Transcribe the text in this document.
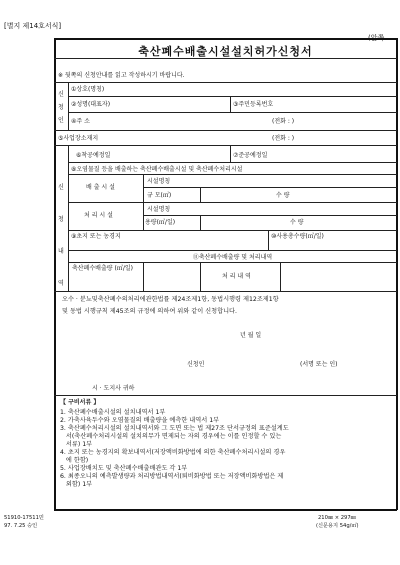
[별지 제14호서식]
(앞쪽
축산폐수배출시설설치허가신청서
※ 뒷쪽의 신청안내를 읽고 작성하시기 바랍니다.
신
청
인
①상호(명칭)
②성명(대표자)	③주민등록번호
④주 소	(전화 : )
⑤사업장소재지	(전화 : )
신
청
내
역
⑥착공예정일	⑦준공예정일
⑧오염물질 등을 배출하는 축산폐수배출시설 및 축산폐수처리시설
배 출 시 설
시설명칭
규 모(㎡)	수 량
처 리 시 설
시설명칭
용량(㎥/일)	수 량
⑨초지 또는 농경지	⑩사용총수량(㎥/일)
⑪축산폐수배출량 및 처리내역
축산폐수배출량 (㎥/일)
처 리 내 역
오수 · 분뇨및축산폐수의처리에관한법률 제24조제1항, 동법시행령 제12조제1항
및 동법 시행규칙 제45조의 규정에 의하여 위와 같이 신청합니다.
년 월 일
신청인	(서명 또는 인)
시 · 도지사 귀하
【 구비서류 】
1. 축산폐수배출시설의 설치내역서 1부
2. 가축사육두수와 오염물질의 배출량을 예측한 내역서 1부
3. 축산폐수처리시설의 설치내역서와 그 도면 또는 법 제27조 단서규정의 표준설계도
서(축산폐수처리시설의 설치의무가 면제되는 자의 경우에는 이를 인정할 수 있는
서류) 1부
4. 초지 또는 농경지의 확보내역서(저장액비화방법에 의한 축산폐수처리시설의 경우
에 한함)
5. 사업장배치도 및 축산폐수배출배관도 각 1부
6. 최종오니의 예측발생량과 처리방법내역서(퇴비화방법 또는 저장액비화방법은 제
외함) 1부
51910-17511민
97. 7.25 승인
210㎜ × 297㎜
(신문용지 54g/㎡)
